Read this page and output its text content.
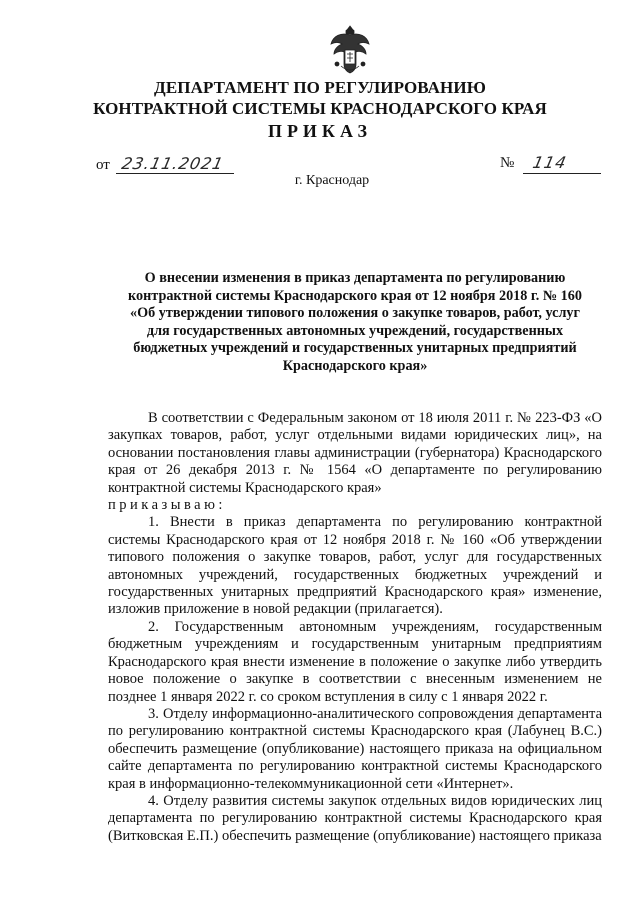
ДЕПАРТАМЕНТ ПО РЕГУЛИРОВАНИЮ
КОНТРАКТНОЙ СИСТЕМЫ КРАСНОДАРСКОГО КРАЯ
ПРИКАЗ
от 23.11.2021	№ 114
г. Краснодар
О внесении изменения в приказ департамента по регулированию
контрактной системы Краснодарского края от 12 ноября 2018 г. № 160
«Об утверждении типового положения о закупке товаров, работ, услуг
для государственных автономных учреждений, государственных
бюджетных учреждений и государственных унитарных предприятий
Краснодарского края»

В соответствии с Федеральным законом от 18 июля 2011 г. № 223-ФЗ «О закупках товаров, работ, услуг отдельными видами юридических лиц», на основании постановления главы администрации (губернатора) Краснодарского края от 26 декабря 2013 г. № 1564 «О департаменте по регулированию контрактной системы Краснодарского края»

приказываю:

1. Внести в приказ департамента по регулированию контрактной системы Краснодарского края от 12 ноября 2018 г. № 160 «Об утверждении типового положения о закупке товаров, работ, услуг для государственных автономных учреждений, государственных бюджетных учреждений и государственных унитарных предприятий Краснодарского края» изменение, изложив приложение в новой редакции (прилагается).

2. Государственным автономным учреждениям, государственным бюджетным учреждениям и государственным унитарным предприятиям Краснодарского края внести изменение в положение о закупке либо утвердить новое положение о закупке в соответствии с внесенным изменением не позднее 1 января 2022 г. со сроком вступления в силу с 1 января 2022 г.

3. Отделу информационно-аналитического сопровождения департамента по регулированию контрактной системы Краснодарского края (Лабунец В.С.) обеспечить размещение (опубликование) настоящего приказа на официальном сайте департамента по регулированию контрактной системы Краснодарского края в информационно-телекоммуникационной сети «Интернет».

4. Отделу развития системы закупок отдельных видов юридических лиц департамента по регулированию контрактной системы Краснодарского края (Витковская Е.П.) обеспечить размещение (опубликование) настоящего приказа
